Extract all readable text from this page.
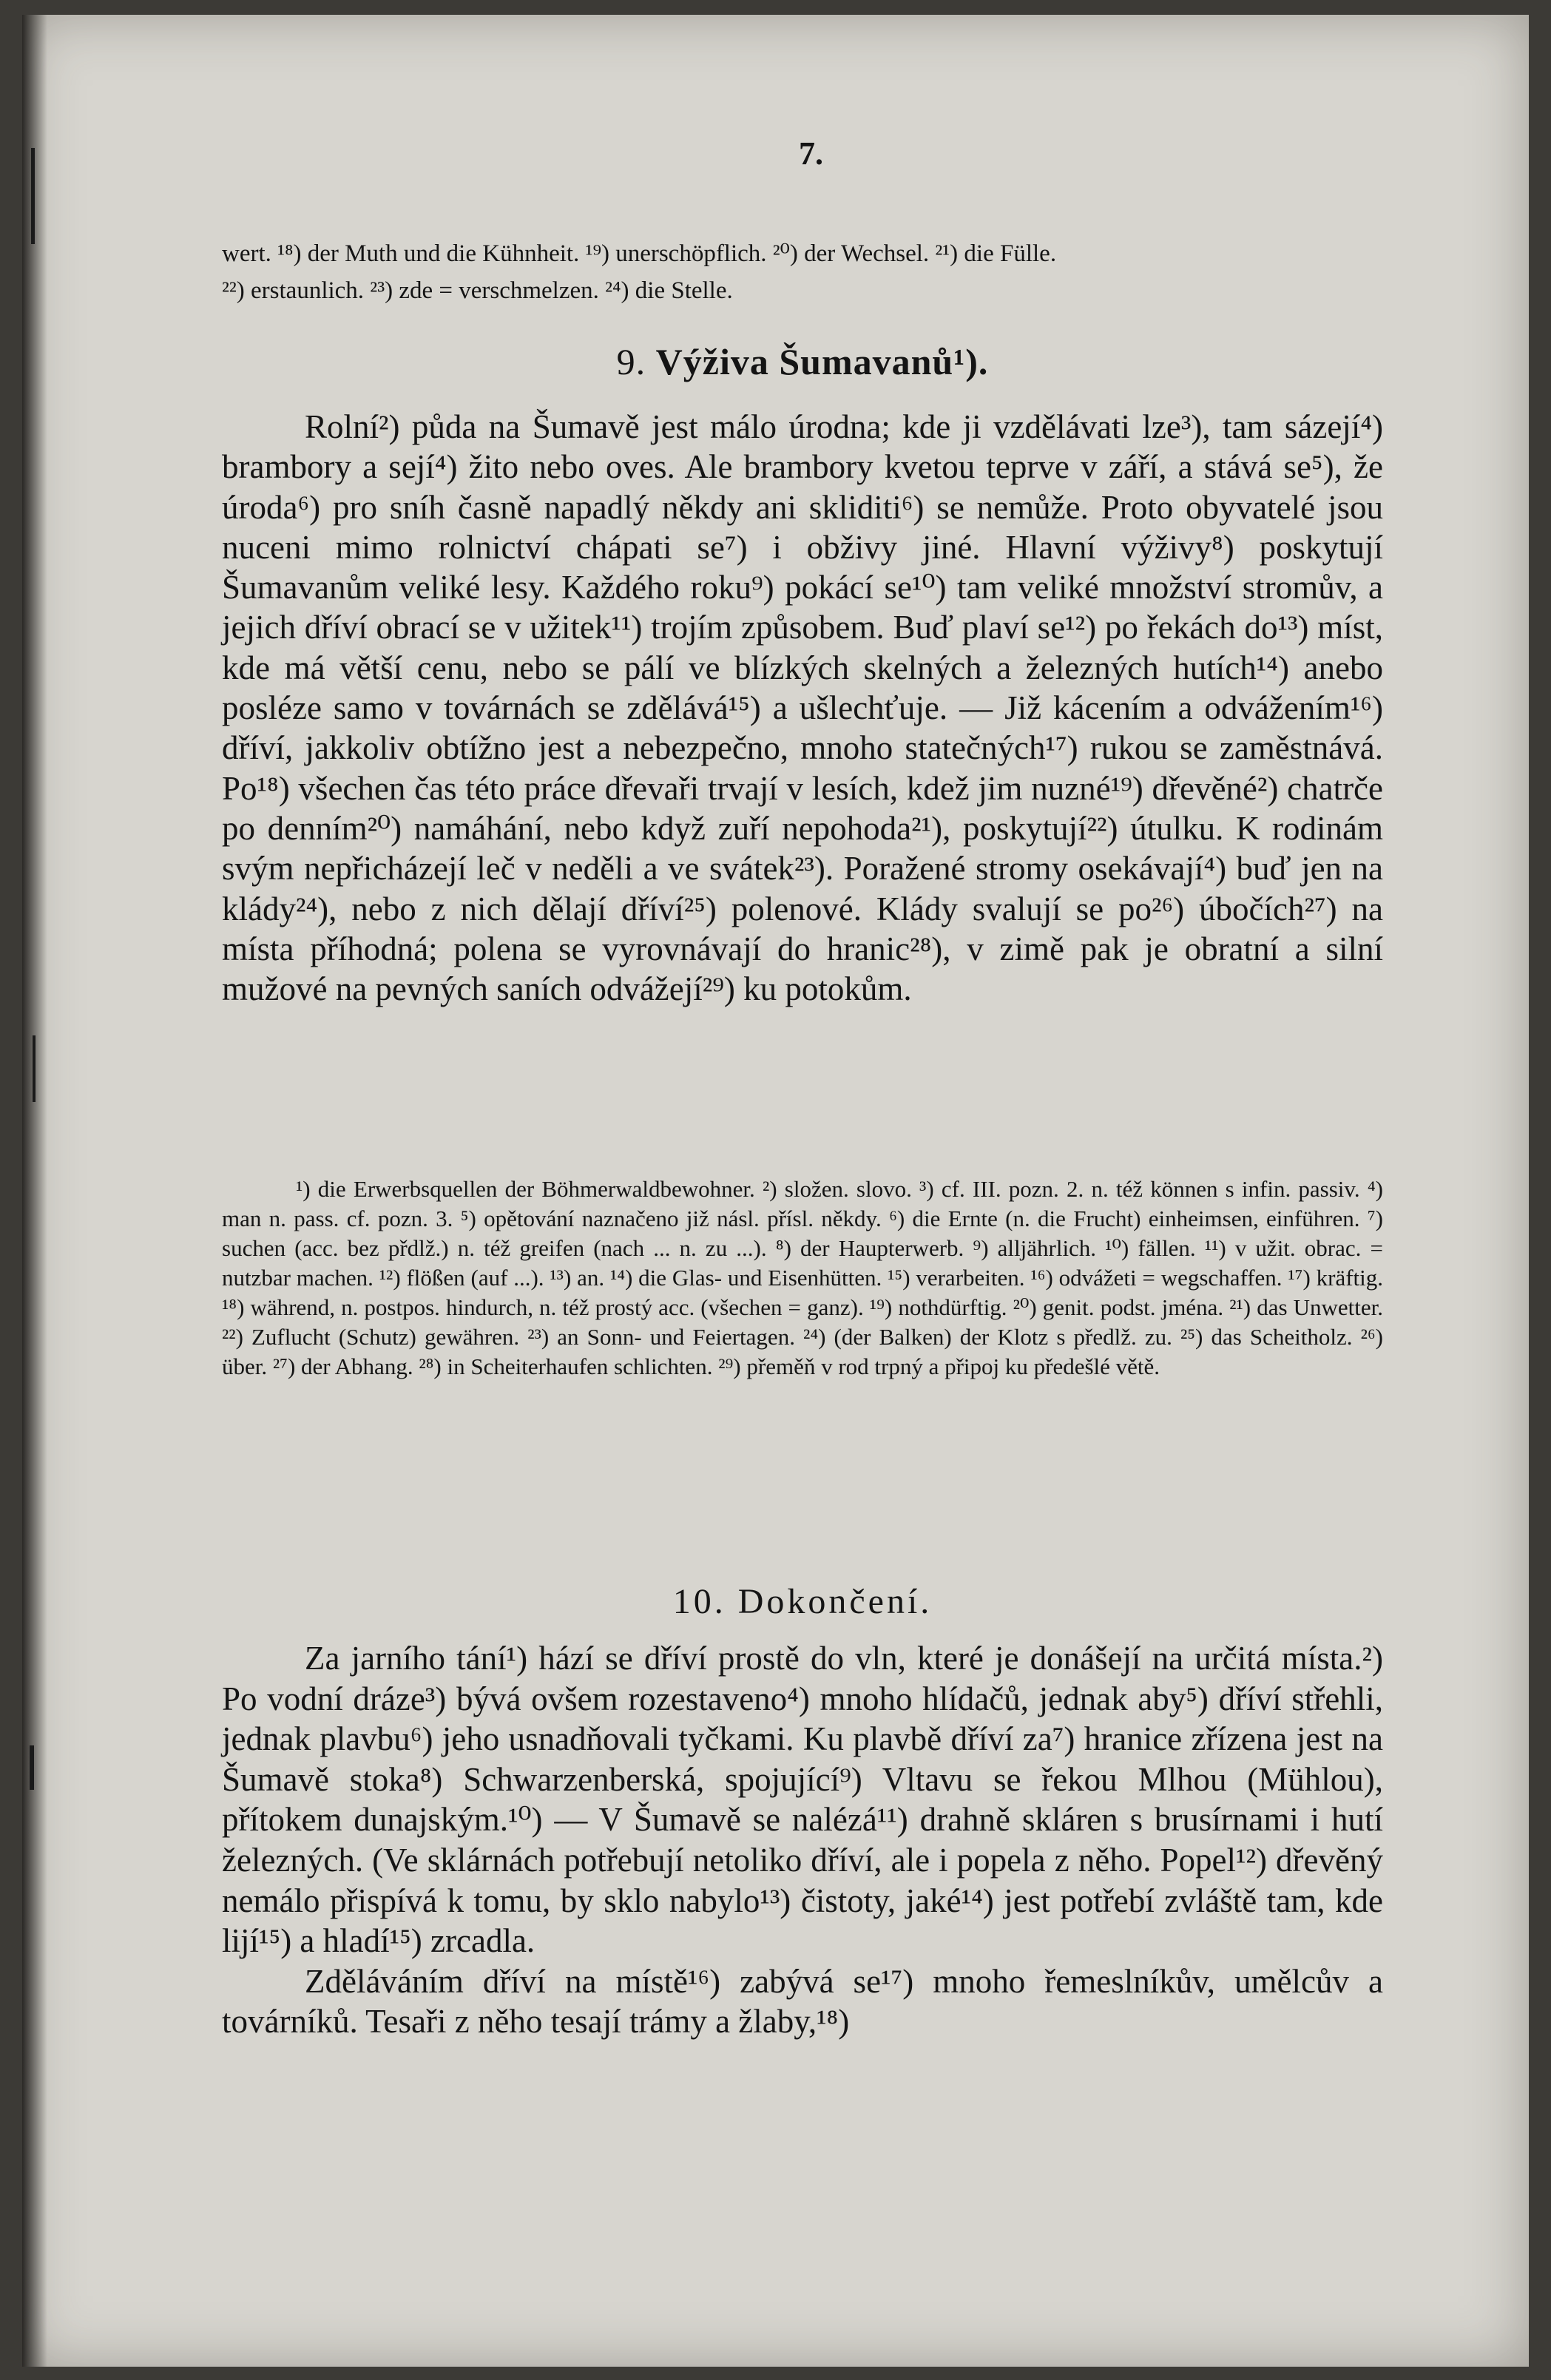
7.

wert. ¹⁸) der Muth und die Kühnheit. ¹⁹) unerschöpflich. ²⁰) der Wechsel. ²¹) die Fülle.

²²) erstaunlich. ²³) zde = verschmelzen. ²⁴) die Stelle.

9. Výživa Šumavanů¹).

Rolní²) půda na Šumavě jest málo úrodna; kde ji vzdělávati lze³), tam sázejí⁴) brambory a sejí⁴) žito nebo oves. Ale brambory kvetou teprve v září, a stává se⁵), že úroda⁶) pro sníh časně napadlý někdy ani skliditi⁶) se nemůže. Proto obyvatelé jsou nuceni mimo rolnictví chápati se⁷) i obživy jiné. Hlavní výživy⁸) poskytují Šumavanům veliké lesy. Každého roku⁹) pokácí se¹⁰) tam veliké množství stromův, a jejich dříví obrací se v užitek¹¹) trojím způsobem. Buď plaví se¹²) po řekách do¹³) míst, kde má větší cenu, nebo se pálí ve blízkých skelných a železných hutích¹⁴) anebo posléze samo v továrnách se zdělává¹⁵) a ušlechťuje. — Již kácením a odvážením¹⁶) dříví, jakkoliv obtížno jest a nebezpečno, mnoho statečných¹⁷) rukou se zaměstnává. Po¹⁸) všechen čas této práce dřevaři trvají v lesích, kdež jim nuzné¹⁹) dřevěné²) chatrče po denním²⁰) namáhání, nebo když zuří nepohoda²¹), poskytují²²) útulku. K rodinám svým nepřicházejí leč v neděli a ve svátek²³). Poražené stromy osekávají⁴) buď jen na klády²⁴), nebo z nich dělají dříví²⁵) polenové. Klády svalují se po²⁶) úbočích²⁷) na místa příhodná; polena se vyrovnávají do hranic²⁸), v zimě pak je obratní a silní mužové na pevných saních odvážejí²⁹) ku potokům.

¹) die Erwerbsquellen der Böhmerwaldbewohner. ²) složen. slovo. ³) cf. III. pozn. 2. n. též können s infin. passiv. ⁴) man n. pass. cf. pozn. 3. ⁵) opětování naznačeno již násl. přísl. někdy. ⁶) die Ernte (n. die Frucht) einheimsen, einführen. ⁷) suchen (acc. bez přdlž.) n. též greifen (nach ... n. zu ...). ⁸) der Haupterwerb. ⁹) alljährlich. ¹⁰) fällen. ¹¹) v užit. obrac. = nutzbar machen. ¹²) flößen (auf ...). ¹³) an. ¹⁴) die Glas- und Eisenhütten. ¹⁵) verarbeiten. ¹⁶) odvážeti = wegschaffen. ¹⁷) kräftig. ¹⁸) während, n. postpos. hindurch, n. též prostý acc. (všechen = ganz). ¹⁹) nothdürftig. ²⁰) genit. podst. jména. ²¹) das Unwetter. ²²) Zuflucht (Schutz) gewähren. ²³) an Sonn- und Feiertagen. ²⁴) (der Balken) der Klotz s předlž. zu. ²⁵) das Scheitholz. ²⁶) über. ²⁷) der Abhang. ²⁸) in Scheiterhaufen schlichten. ²⁹) přeměň v rod trpný a připoj ku předešlé větě.

10. Dokončení.

Za jarního tání¹) hází se dříví prostě do vln, které je donášejí na určitá místa.²) Po vodní dráze³) bývá ovšem rozestaveno⁴) mnoho hlídačů, jednak aby⁵) dříví střehli, jednak plavbu⁶) jeho usnadňovali tyčkami. Ku plavbě dříví za⁷) hranice zřízena jest na Šumavě stoka⁸) Schwarzenberská, spojující⁹) Vltavu se řekou Mlhou (Mühlou), přítokem dunajským.¹⁰) — V Šumavě se nalézá¹¹) drahně skláren s brusírnami i hutí železných. (Ve sklárnách potřebují netoliko dříví, ale i popela z něho. Popel¹²) dřevěný nemálo přispívá k tomu, by sklo nabylo¹³) čistoty, jaké¹⁴) jest potřebí zvláště tam, kde lijí¹⁵) a hladí¹⁵) zrcadla.

Zděláváním dříví na místě¹⁶) zabývá se¹⁷) mnoho řemeslníkův, umělcův a továrníků. Tesaři z něho tesají trámy a žlaby,¹⁸)
